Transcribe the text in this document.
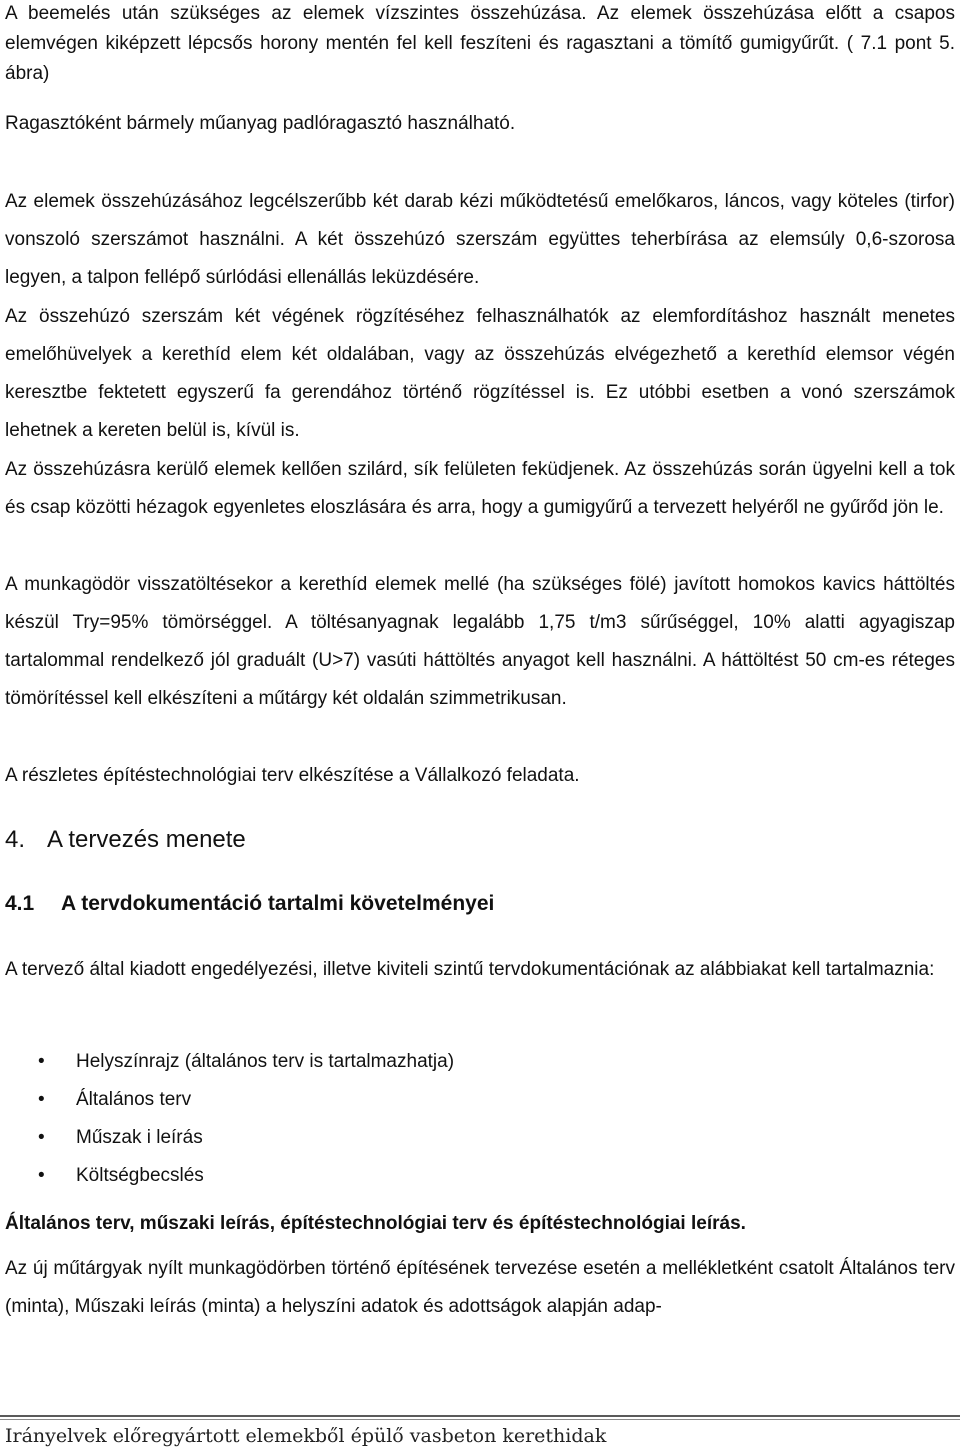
A beemelés után szükséges az elemek vízszintes összehúzása. Az elemek összehúzása előtt a csapos elemvégen kiképzett lépcsős horony mentén fel kell feszíteni és ragasztani a tömítő gumigyűrűt. ( 7.1 pont 5. ábra)

Ragasztóként bármely műanyag padlóragasztó használható.

Az elemek összehúzásához legcélszerűbb két darab kézi működtetésű emelőkaros, láncos, vagy köteles (tirfor) vonszoló szerszámot használni. A két összehúzó szerszám együttes teherbírása az elemsúly 0,6-szorosa legyen, a talpon fellépő súrlódási ellenállás leküzdésére.

Az összehúzó szerszám két végének rögzítéséhez felhasználhatók az elemfordításhoz használt menetes emelőhüvelyek a kerethíd elem két oldalában, vagy az összehúzás elvégezhető a kerethíd elemsor végén keresztbe fektetett egyszerű fa gerendához történő rögzítéssel is. Ez utóbbi esetben a vonó szerszámok lehetnek a kereten belül is, kívül is.

Az összehúzásra kerülő elemek kellően szilárd, sík felületen feküdjenek. Az összehúzás során ügyelni kell a tok és csap közötti hézagok egyenletes eloszlására és arra, hogy a gumigyűrű a tervezett helyéről ne gyűrőd jön le.

A munkagödör visszatöltésekor a kerethíd elemek mellé (ha szükséges fölé) javított homokos kavics háttöltés készül Try=95% tömörséggel. A töltésanyagnak legalább 1,75 t/m3 sűrűséggel, 10% alatti agyagiszap tartalommal rendelkező jól graduált (U>7) vasúti háttöltés anyagot kell használni. A háttöltést 50 cm-es réteges tömörítéssel kell elkészíteni a műtárgy két oldalán szimmetrikusan.

A részletes építéstechnológiai terv elkészítése a Vállalkozó feladata.

4. A tervezés menete
4.1 A tervdokumentáció tartalmi követelményei

A tervező által kiadott engedélyezési, illetve kiviteli szintű tervdokumentációnak az alábbiakat kell tartalmaznia:

• Helyszínrajz (általános terv is tartalmazhatja)
• Általános terv
• Műszak i leírás
• Költségbecslés

Általános terv, műszaki leírás, építéstechnológiai terv és építéstechnológiai leírás.

Az új műtárgyak nyílt munkagödörben történő építésének tervezése esetén a mellékletként csatolt Általános terv (minta), Műszaki leírás (minta) a helyszíni adatok és adottságok alapján adap-

Irányelvek előregyártott elemekből épülő vasbeton kerethidak
